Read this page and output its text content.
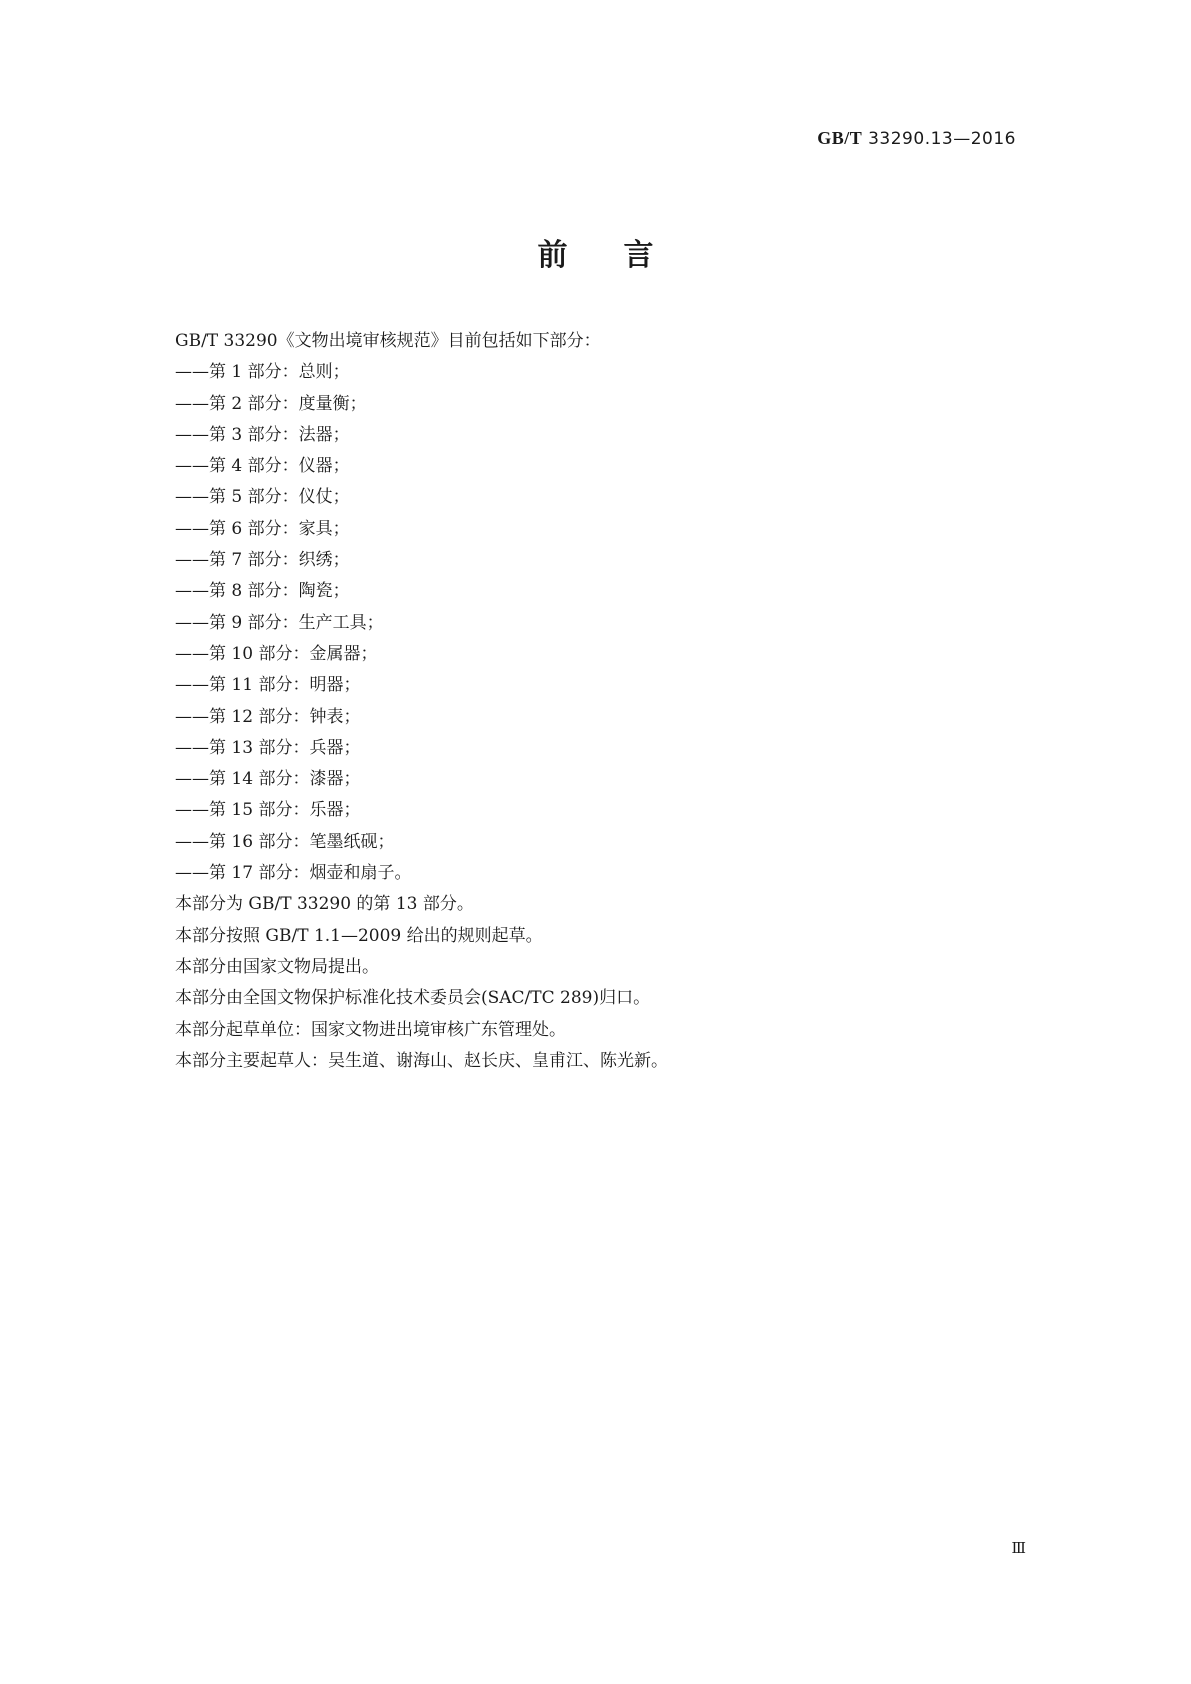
GB/T 33290.13—2016
前言
GB/T 33290《文物出境审核规范》目前包括如下部分：
——第 1 部分：总则；
——第 2 部分：度量衡；
——第 3 部分：法器；
——第 4 部分：仪器；
——第 5 部分：仪仗；
——第 6 部分：家具；
——第 7 部分：织绣；
——第 8 部分：陶瓷；
——第 9 部分：生产工具；
——第 10 部分：金属器；
——第 11 部分：明器；
——第 12 部分：钟表；
——第 13 部分：兵器；
——第 14 部分：漆器；
——第 15 部分：乐器；
——第 16 部分：笔墨纸砚；
——第 17 部分：烟壶和扇子。
本部分为 GB/T 33290 的第 13 部分。
本部分按照 GB/T 1.1—2009 给出的规则起草。
本部分由国家文物局提出。
本部分由全国文物保护标准化技术委员会(SAC/TC 289)归口。
本部分起草单位：国家文物进出境审核广东管理处。
本部分主要起草人：吴生道、谢海山、赵长庆、皇甫江、陈光新。
Ⅲ
